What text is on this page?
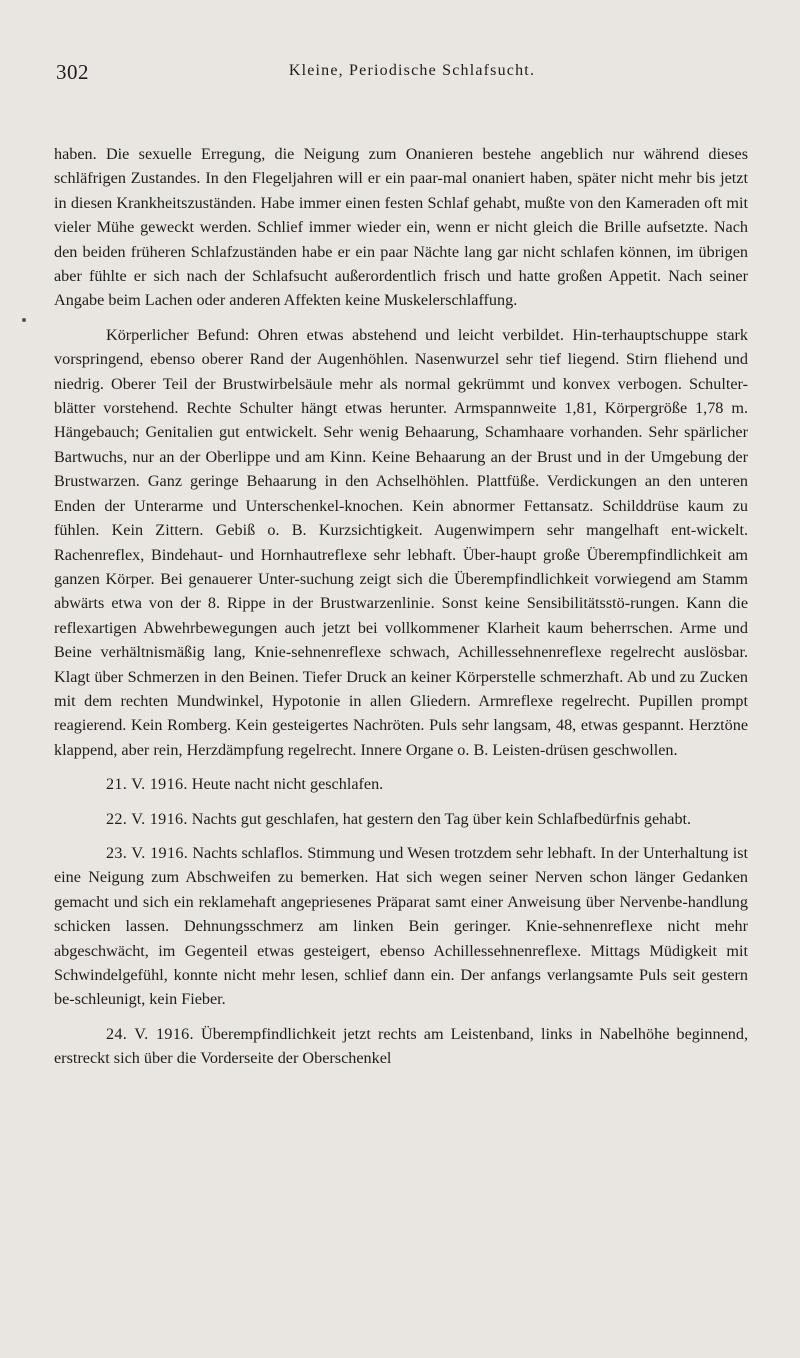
302	Kleine, Periodische Schlafsucht.

haben. Die sexuelle Erregung, die Neigung zum Onanieren bestehe angeblich nur während dieses schläfrigen Zustandes. In den Flegeljahren will er ein paar-mal onaniert haben, später nicht mehr bis jetzt in diesen Krankheitszuständen. Habe immer einen festen Schlaf gehabt, mußte von den Kameraden oft mit vieler Mühe geweckt werden. Schlief immer wieder ein, wenn er nicht gleich die Brille aufsetzte. Nach den beiden früheren Schlafzuständen habe er ein paar Nächte lang gar nicht schlafen können, im übrigen aber fühlte er sich nach der Schlafsucht außerordentlich frisch und hatte großen Appetit. Nach seiner Angabe beim Lachen oder anderen Affekten keine Muskelerschlaffung.

Körperlicher Befund: Ohren etwas abstehend und leicht verbildet. Hin-terhauptschuppe stark vorspringend, ebenso oberer Rand der Augenhöhlen. Nasenwurzel sehr tief liegend. Stirn fliehend und niedrig. Oberer Teil der Brustwirbelsäule mehr als normal gekrümmt und konvex verbogen. Schulter-blätter vorstehend. Rechte Schulter hängt etwas herunter. Armspannweite 1,81, Körpergröße 1,78 m. Hängebauch; Genitalien gut entwickelt. Sehr wenig Behaarung, Schamhaare vorhanden. Sehr spärlicher Bartwuchs, nur an der Oberlippe und am Kinn. Keine Behaarung an der Brust und in der Umgebung der Brustwarzen. Ganz geringe Behaarung in den Achselhöhlen. Plattfüße. Verdickungen an den unteren Enden der Unterarme und Unterschenkel-knochen. Kein abnormer Fettansatz. Schilddrüse kaum zu fühlen. Kein Zittern. Gebiß o. B. Kurzsichtigkeit. Augenwimpern sehr mangelhaft ent-wickelt. Rachenreflex, Bindehaut- und Hornhautreflexe sehr lebhaft. Über-haupt große Überempfindlichkeit am ganzen Körper. Bei genauerer Unter-suchung zeigt sich die Überempfindlichkeit vorwiegend am Stamm abwärts etwa von der 8. Rippe in der Brustwarzenlinie. Sonst keine Sensibilitätsstö-rungen. Kann die reflexartigen Abwehrbewegungen auch jetzt bei vollkommener Klarheit kaum beherrschen. Arme und Beine verhältnismäßig lang, Knie-sehnenreflexe schwach, Achillessehnenreflexe regelrecht auslösbar. Klagt über Schmerzen in den Beinen. Tiefer Druck an keiner Körperstelle schmerzhaft. Ab und zu Zucken mit dem rechten Mundwinkel, Hypotonie in allen Gliedern. Armreflexe regelrecht. Pupillen prompt reagierend. Kein Romberg. Kein gesteigertes Nachröten. Puls sehr langsam, 48, etwas gespannt. Herztöne klappend, aber rein, Herzdämpfung regelrecht. Innere Organe o. B. Leisten-drüsen geschwollen.

21. V. 1916. Heute nacht nicht geschlafen.

22. V. 1916. Nachts gut geschlafen, hat gestern den Tag über kein Schlafbedürfnis gehabt.

23. V. 1916. Nachts schlaflos. Stimmung und Wesen trotzdem sehr lebhaft. In der Unterhaltung ist eine Neigung zum Abschweifen zu bemerken. Hat sich wegen seiner Nerven schon länger Gedanken gemacht und sich ein reklamehaft angepriesenes Präparat samt einer Anweisung über Nervenbe-handlung schicken lassen. Dehnungsschmerz am linken Bein geringer. Knie-sehnenreflexe nicht mehr abgeschwächt, im Gegenteil etwas gesteigert, ebenso Achillessehnenreflexe. Mittags Müdigkeit mit Schwindelgefühl, konnte nicht mehr lesen, schlief dann ein. Der anfangs verlangsamte Puls seit gestern be-schleunigt, kein Fieber.

24. V. 1916. Überempfindlichkeit jetzt rechts am Leistenband, links in Nabelhöhe beginnend, erstreckt sich über die Vorderseite der Oberschenkel
